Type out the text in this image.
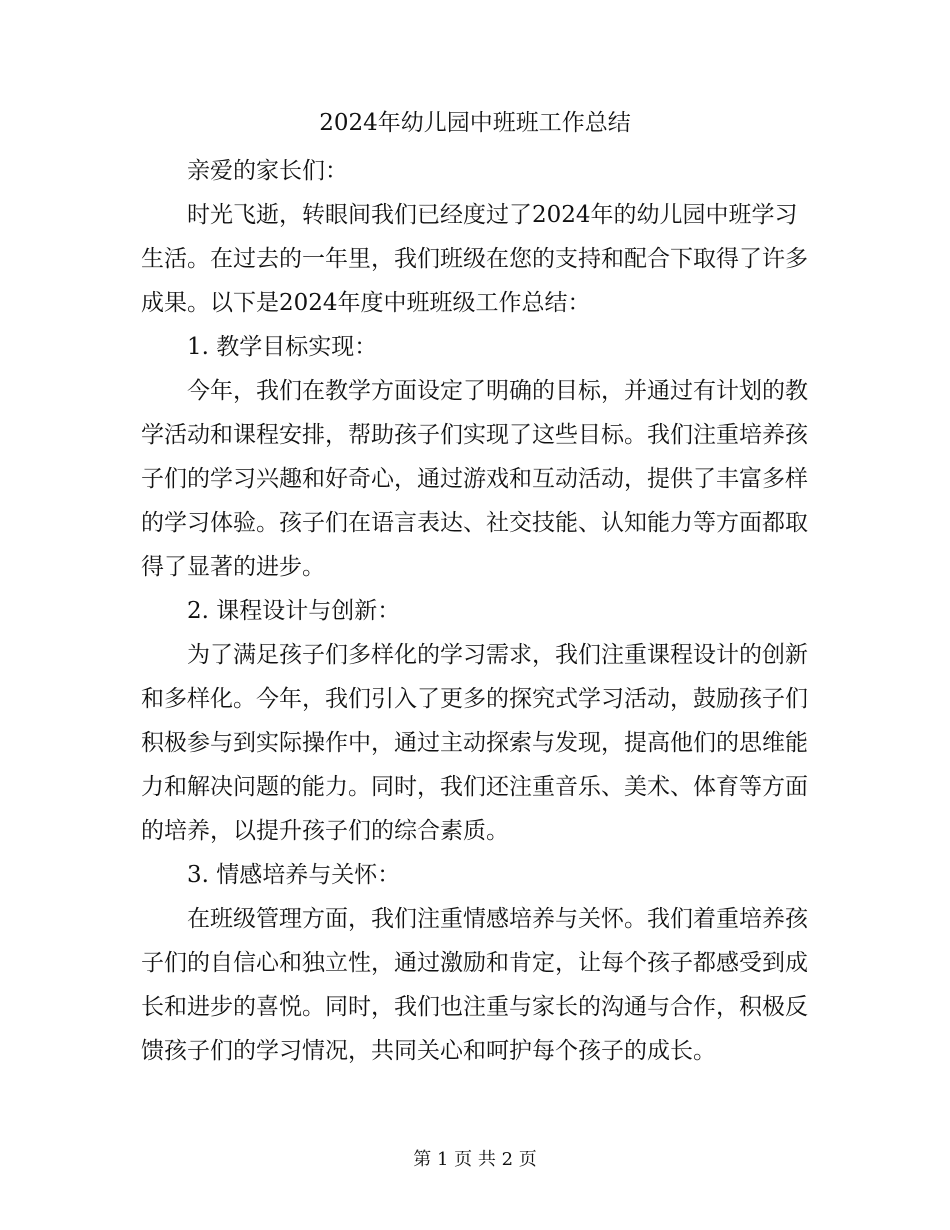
2024年幼儿园中班班工作总结

亲爱的家长们：

时光飞逝，转眼间我们已经度过了2024年的幼儿园中班学习生活。在过去的一年里，我们班级在您的支持和配合下取得了许多成果。以下是2024年度中班班级工作总结：

1. 教学目标实现：

今年，我们在教学方面设定了明确的目标，并通过有计划的教学活动和课程安排，帮助孩子们实现了这些目标。我们注重培养孩子们的学习兴趣和好奇心，通过游戏和互动活动，提供了丰富多样的学习体验。孩子们在语言表达、社交技能、认知能力等方面都取得了显著的进步。

2. 课程设计与创新：

为了满足孩子们多样化的学习需求，我们注重课程设计的创新和多样化。今年，我们引入了更多的探究式学习活动，鼓励孩子们积极参与到实际操作中，通过主动探索与发现，提高他们的思维能力和解决问题的能力。同时，我们还注重音乐、美术、体育等方面的培养，以提升孩子们的综合素质。

3. 情感培养与关怀：

在班级管理方面，我们注重情感培养与关怀。我们着重培养孩子们的自信心和独立性，通过激励和肯定，让每个孩子都感受到成长和进步的喜悦。同时，我们也注重与家长的沟通与合作，积极反馈孩子们的学习情况，共同关心和呵护每个孩子的成长。

第 1 页 共 2 页
